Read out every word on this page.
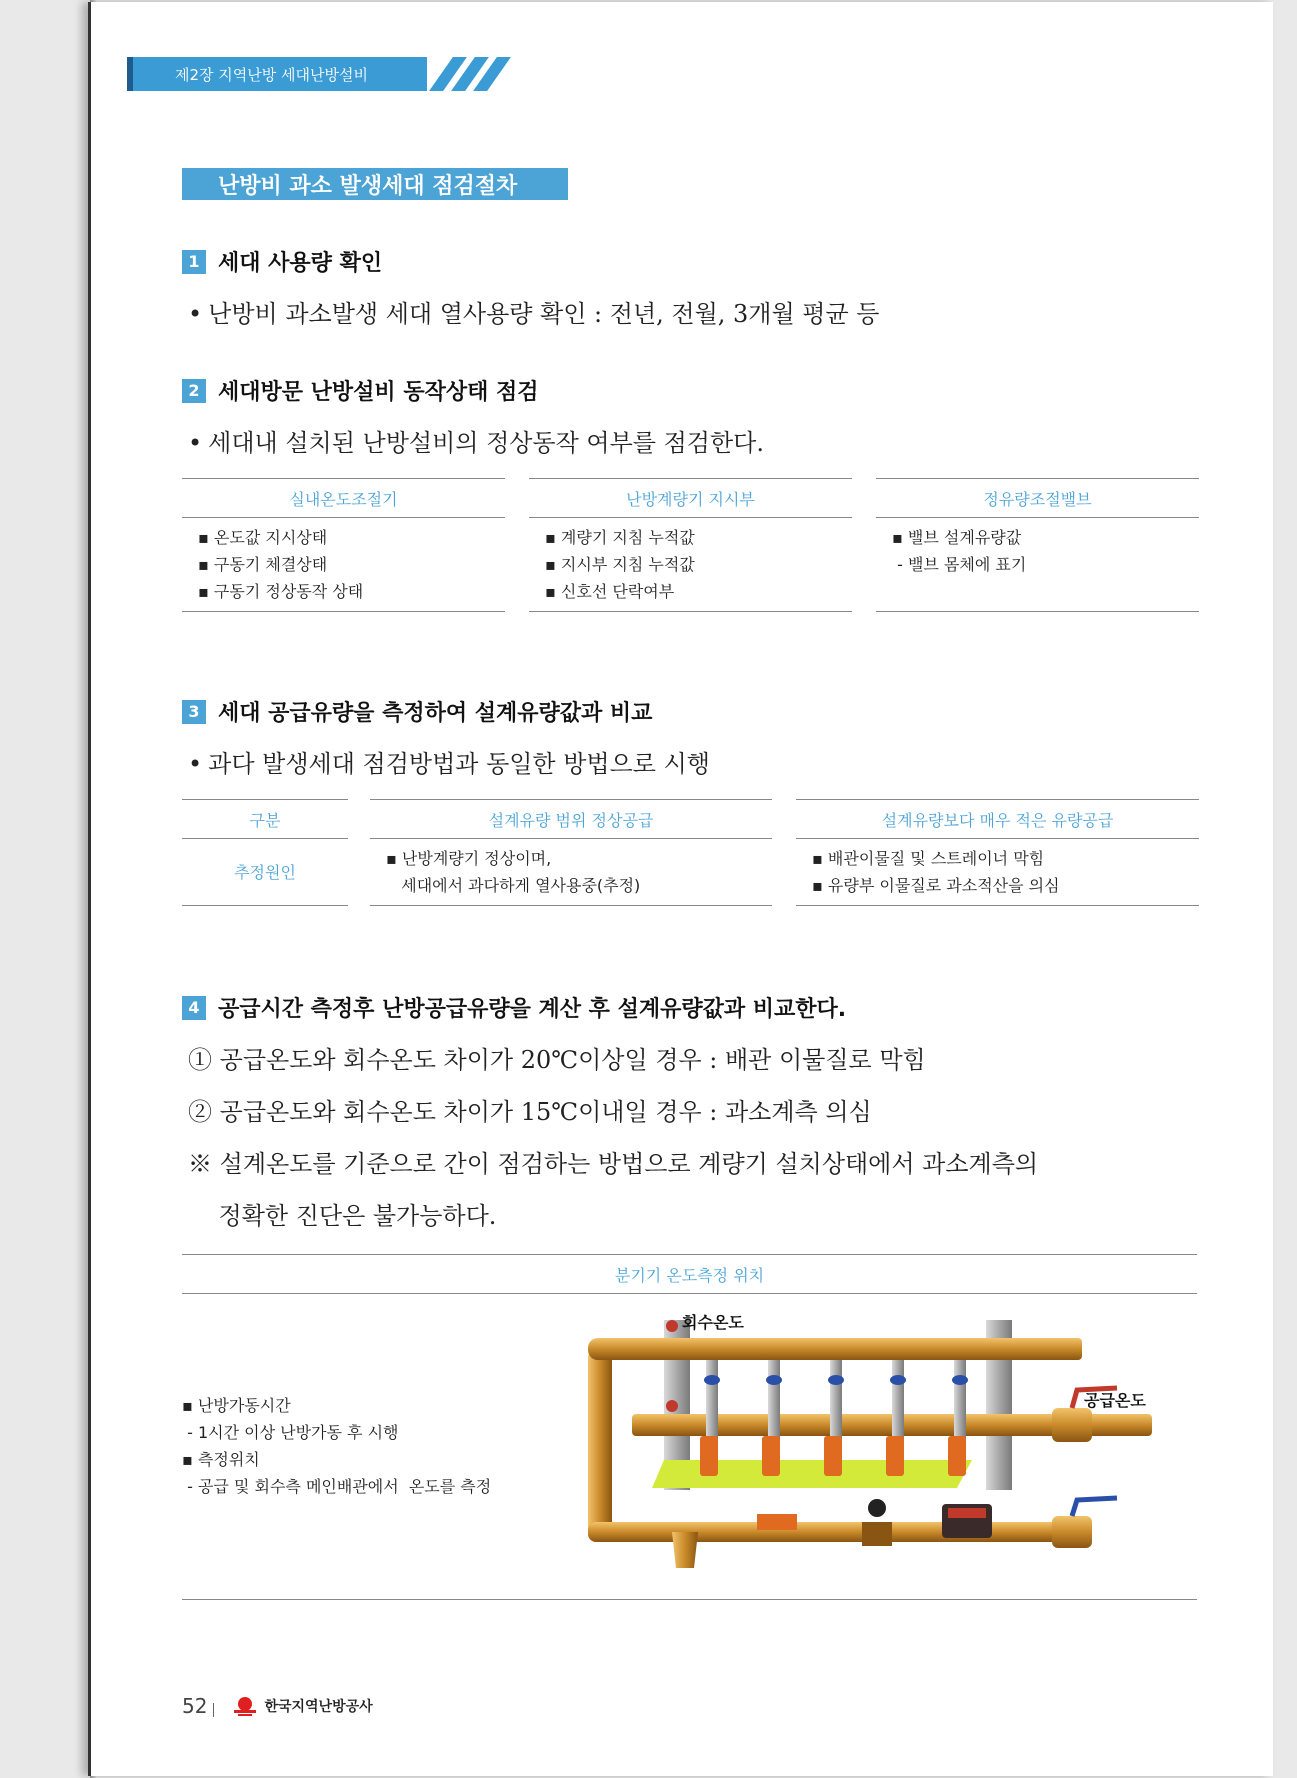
제2장 지역난방 세대난방설비
난방비 과소 발생세대 점검절차
1 세대 사용량 확인
• 난방비 과소발생 세대 열사용량 확인 : 전년, 전월, 3개월 평균 등
2 세대방문 난방설비 동작상태 점검
• 세대내 설치된 난방설비의 정상동작 여부를 점검한다.
실내온도조절기
▪ 온도값 지시상태
▪ 구동기 체결상태
▪ 구동기 정상동작 상태
난방계량기 지시부
▪ 계량기 지침 누적값
▪ 지시부 지침 누적값
▪ 신호선 단락여부
정유량조절밸브
▪ 밸브 설계유량값
- 밸브 몸체에 표기
3 세대 공급유량을 측정하여 설계유량값과 비교
• 과다 발생세대 점검방법과 동일한 방법으로 시행
구분
추정원인
설계유량 범위 정상공급
▪ 난방계량기 정상이며,
세대에서 과다하게 열사용중(추정)
설계유량보다 매우 적은 유량공급
▪ 배관이물질 및 스트레이너 막힘
▪ 유량부 이물질로 과소적산을 의심
4 공급시간 측정후 난방공급유량을 계산 후 설계유량값과 비교한다.
① 공급온도와 회수온도 차이가 20℃이상일 경우 : 배관 이물질로 막힘
② 공급온도와 회수온도 차이가 15℃이내일 경우 : 과소계측 의심
※ 설계온도를 기준으로 간이 점검하는 방법으로 계량기 설치상태에서 과소계측의
정확한 진단은 불가능하다.
분기기 온도측정 위치
▪ 난방가동시간
- 1시간 이상 난방가동 후 시행
▪ 측정위치
- 공급 및 회수측 메인배관에서  온도를 측정
회수온도
공급온도
52	한국지역난방공사
